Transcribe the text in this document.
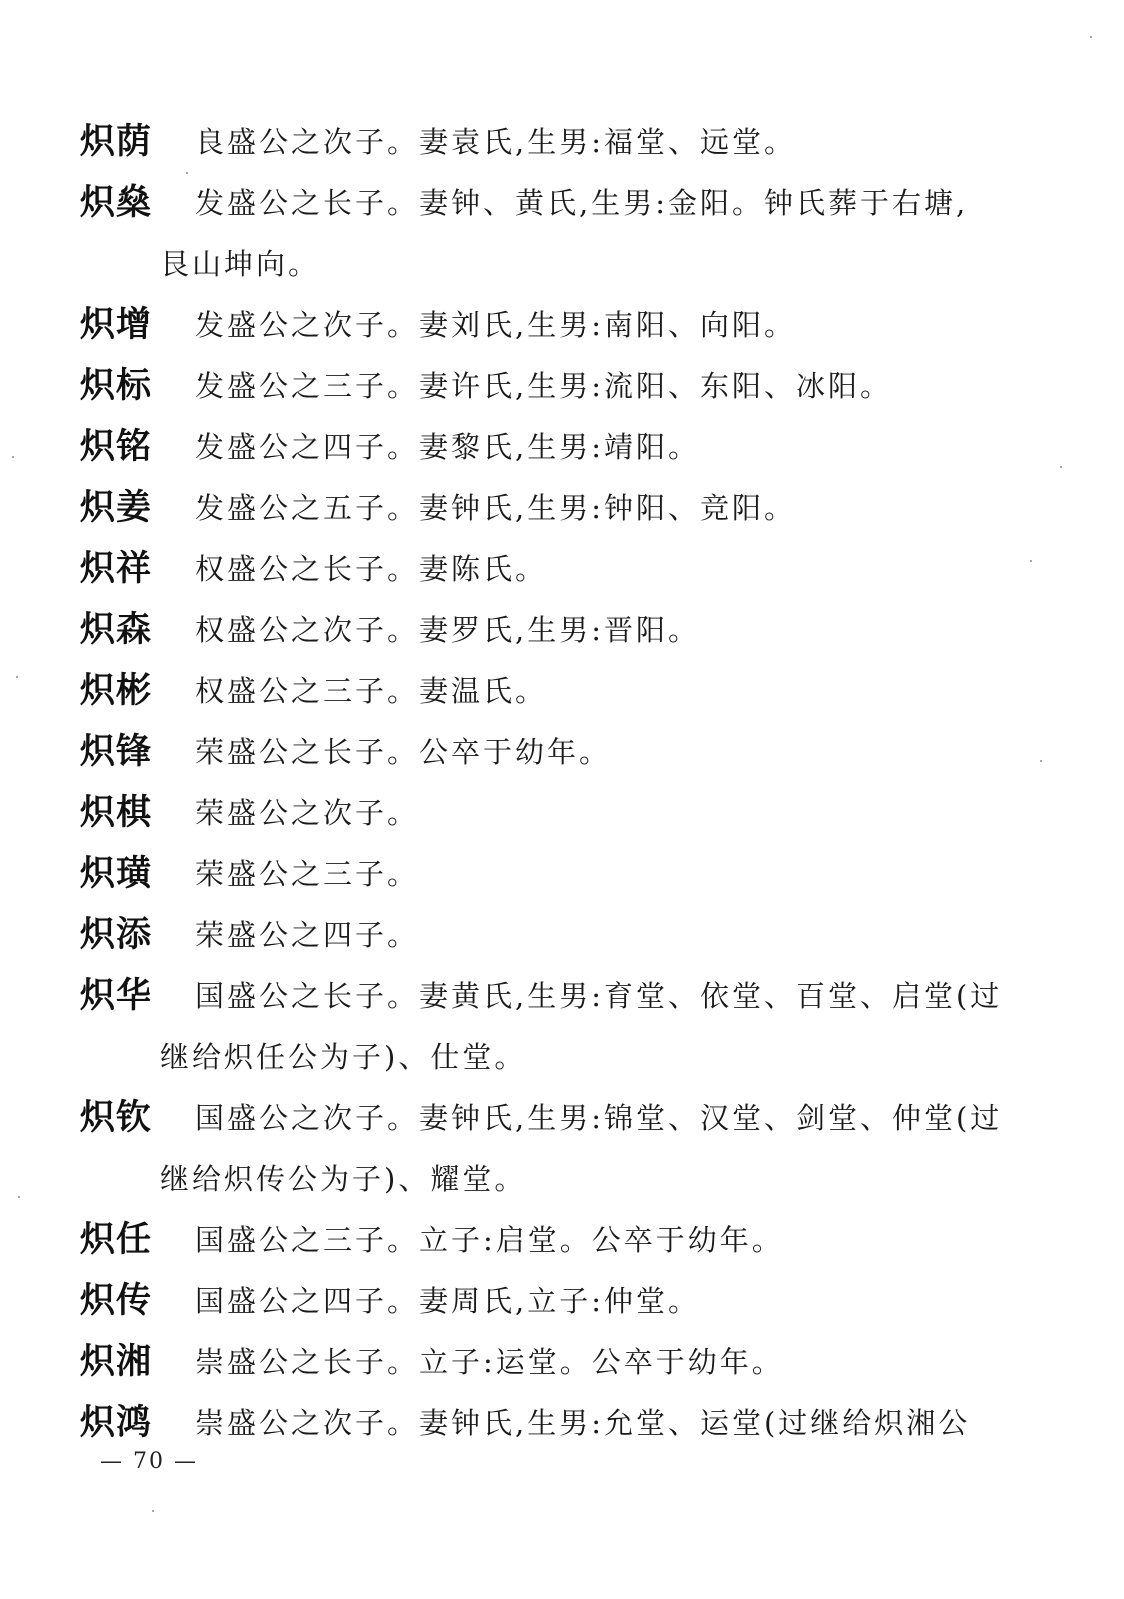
炽荫 良盛公之次子。妻袁氏,生男:福堂、远堂。
炽燊 发盛公之长子。妻钟、黄氏,生男:金阳。钟氏葬于右塘,
艮山坤向。
炽增 发盛公之次子。妻刘氏,生男:南阳、向阳。
炽标 发盛公之三子。妻许氏,生男:流阳、东阳、冰阳。
炽铭 发盛公之四子。妻黎氏,生男:靖阳。
炽姜 发盛公之五子。妻钟氏,生男:钟阳、竞阳。
炽祥 权盛公之长子。妻陈氏。
炽森 权盛公之次子。妻罗氏,生男:晋阳。
炽彬 权盛公之三子。妻温氏。
炽锋 荣盛公之长子。公卒于幼年。
炽棋 荣盛公之次子。
炽璜 荣盛公之三子。
炽添 荣盛公之四子。
炽华 国盛公之长子。妻黄氏,生男:育堂、依堂、百堂、启堂(过
继给炽任公为子)、仕堂。
炽钦 国盛公之次子。妻钟氏,生男:锦堂、汉堂、剑堂、仲堂(过
继给炽传公为子)、耀堂。
炽任 国盛公之三子。立子:启堂。公卒于幼年。
炽传 国盛公之四子。妻周氏,立子:仲堂。
炽湘 崇盛公之长子。立子:运堂。公卒于幼年。
炽鸿 崇盛公之次子。妻钟氏,生男:允堂、运堂(过继给炽湘公
— 70 —
